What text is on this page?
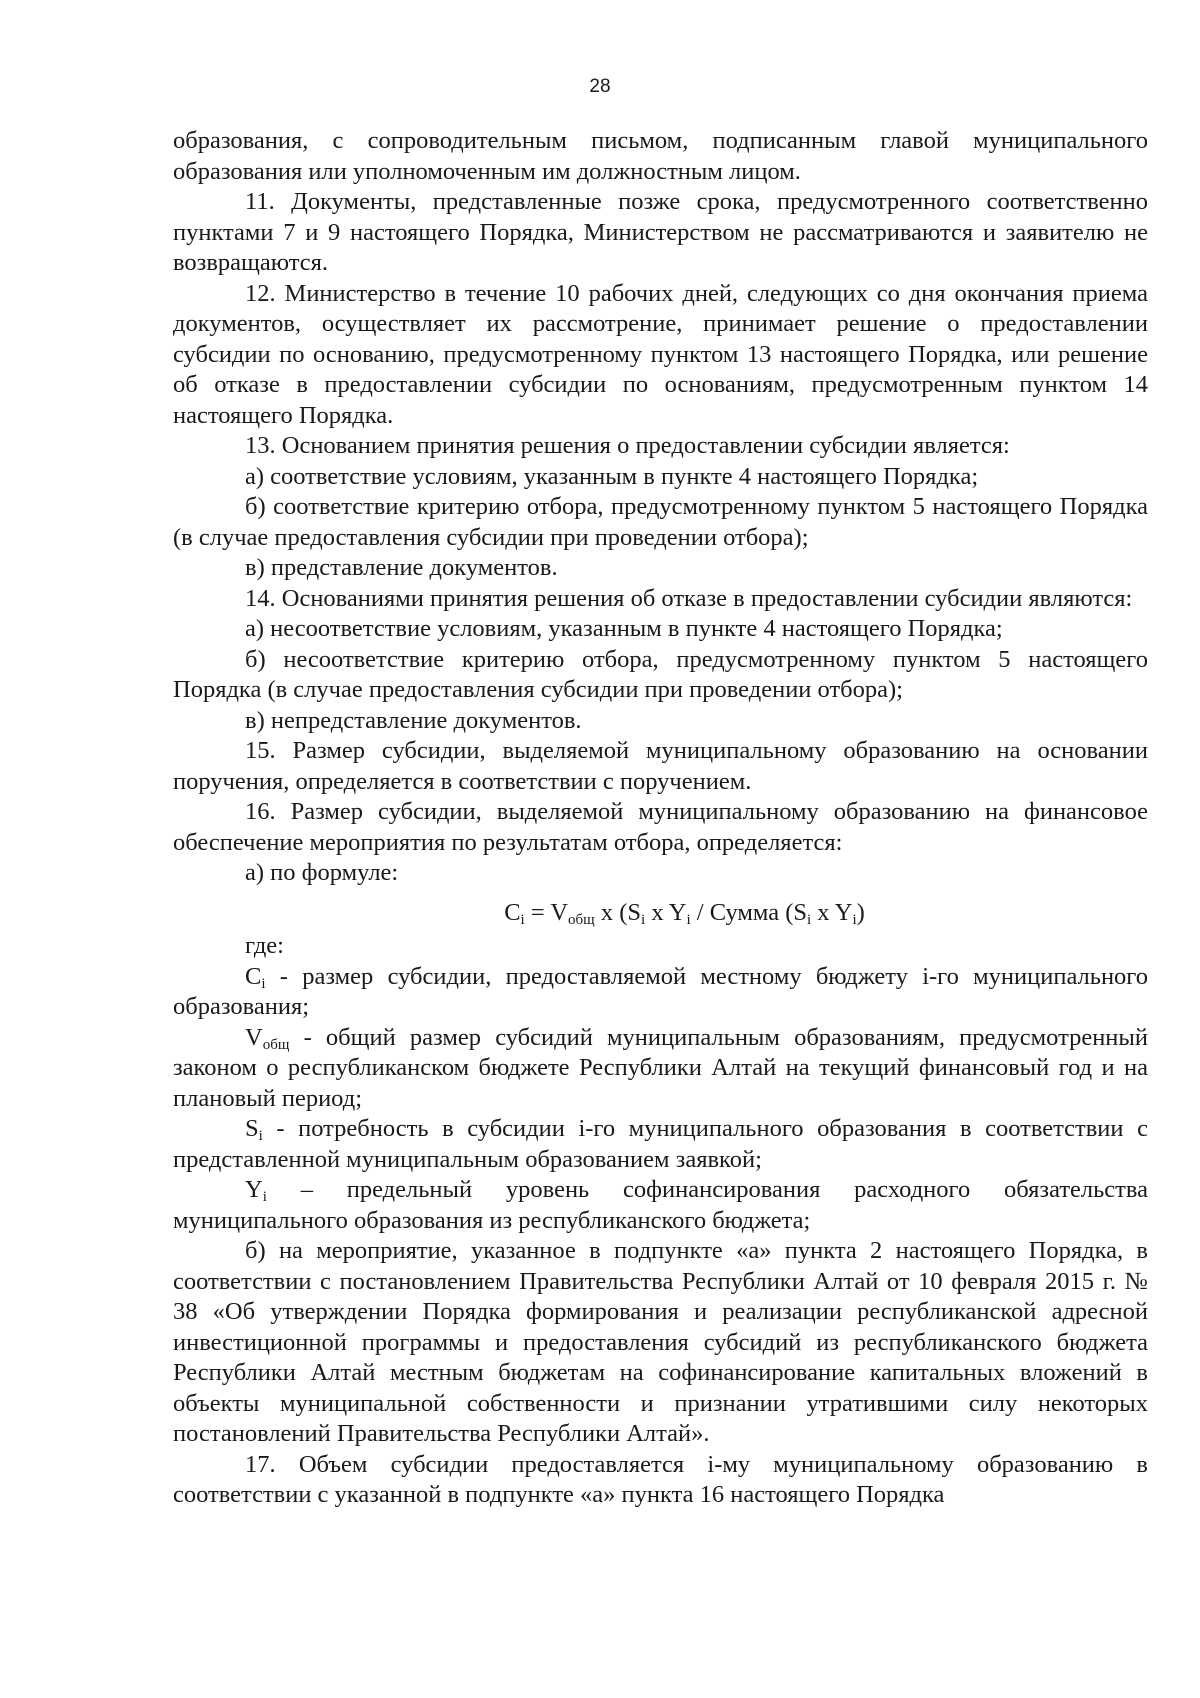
28

образования, с сопроводительным письмом, подписанным главой муниципального образования или уполномоченным им должностным лицом.

11. Документы, представленные позже срока, предусмотренного соответственно пунктами 7 и 9 настоящего Порядка, Министерством не рассматриваются и заявителю не возвращаются.

12. Министерство в течение 10 рабочих дней, следующих со дня окончания приема документов, осуществляет их рассмотрение, принимает решение о предоставлении субсидии по основанию, предусмотренному пунктом 13 настоящего Порядка, или решение об отказе в предоставлении субсидии по основаниям, предусмотренным пунктом 14 настоящего Порядка.

13. Основанием принятия решения о предоставлении субсидии является:

а) соответствие условиям, указанным в пункте 4 настоящего Порядка;

б) соответствие критерию отбора, предусмотренному пунктом 5 настоящего Порядка (в случае предоставления субсидии при проведении отбора);

в) представление документов.

14. Основаниями принятия решения об отказе в предоставлении субсидии являются:

а) несоответствие условиям, указанным в пункте 4 настоящего Порядка;

б) несоответствие критерию отбора, предусмотренному пунктом 5 настоящего Порядка (в случае предоставления субсидии при проведении отбора);

в) непредставление документов.

15. Размер субсидии, выделяемой муниципальному образованию на основании поручения, определяется в соответствии с поручением.

16. Размер субсидии, выделяемой муниципальному образованию на финансовое обеспечение мероприятия по результатам отбора, определяется:

а) по формуле:

$C_i = V_{общ}$ x ($S_i$ x $Y_i$ / Сумма ($S_i$ x $Y_i$)

где:

$C_i$ - размер субсидии, предоставляемой местному бюджету i-го муниципального образования;

$V_{общ}$ - общий размер субсидий муниципальным образованиям, предусмотренный законом о республиканском бюджете Республики Алтай на текущий финансовый год и на плановый период;

$S_i$ - потребность в субсидии i-го муниципального образования в соответствии с представленной муниципальным образованием заявкой;

$Y_i$ – предельный уровень софинансирования расходного обязательства муниципального образования из республиканского бюджета;

б) на мероприятие, указанное в подпункте «а» пункта 2 настоящего Порядка, в соответствии с постановлением Правительства Республики Алтай от 10 февраля 2015 г. № 38 «Об утверждении Порядка формирования и реализации республиканской адресной инвестиционной программы и предоставления субсидий из республиканского бюджета Республики Алтай местным бюджетам на софинансирование капитальных вложений в объекты муниципальной собственности и признании утратившими силу некоторых постановлений Правительства Республики Алтай».

17. Объем субсидии предоставляется i-му муниципальному образованию в соответствии с указанной в подпункте «а» пункта 16 настоящего Порядка
